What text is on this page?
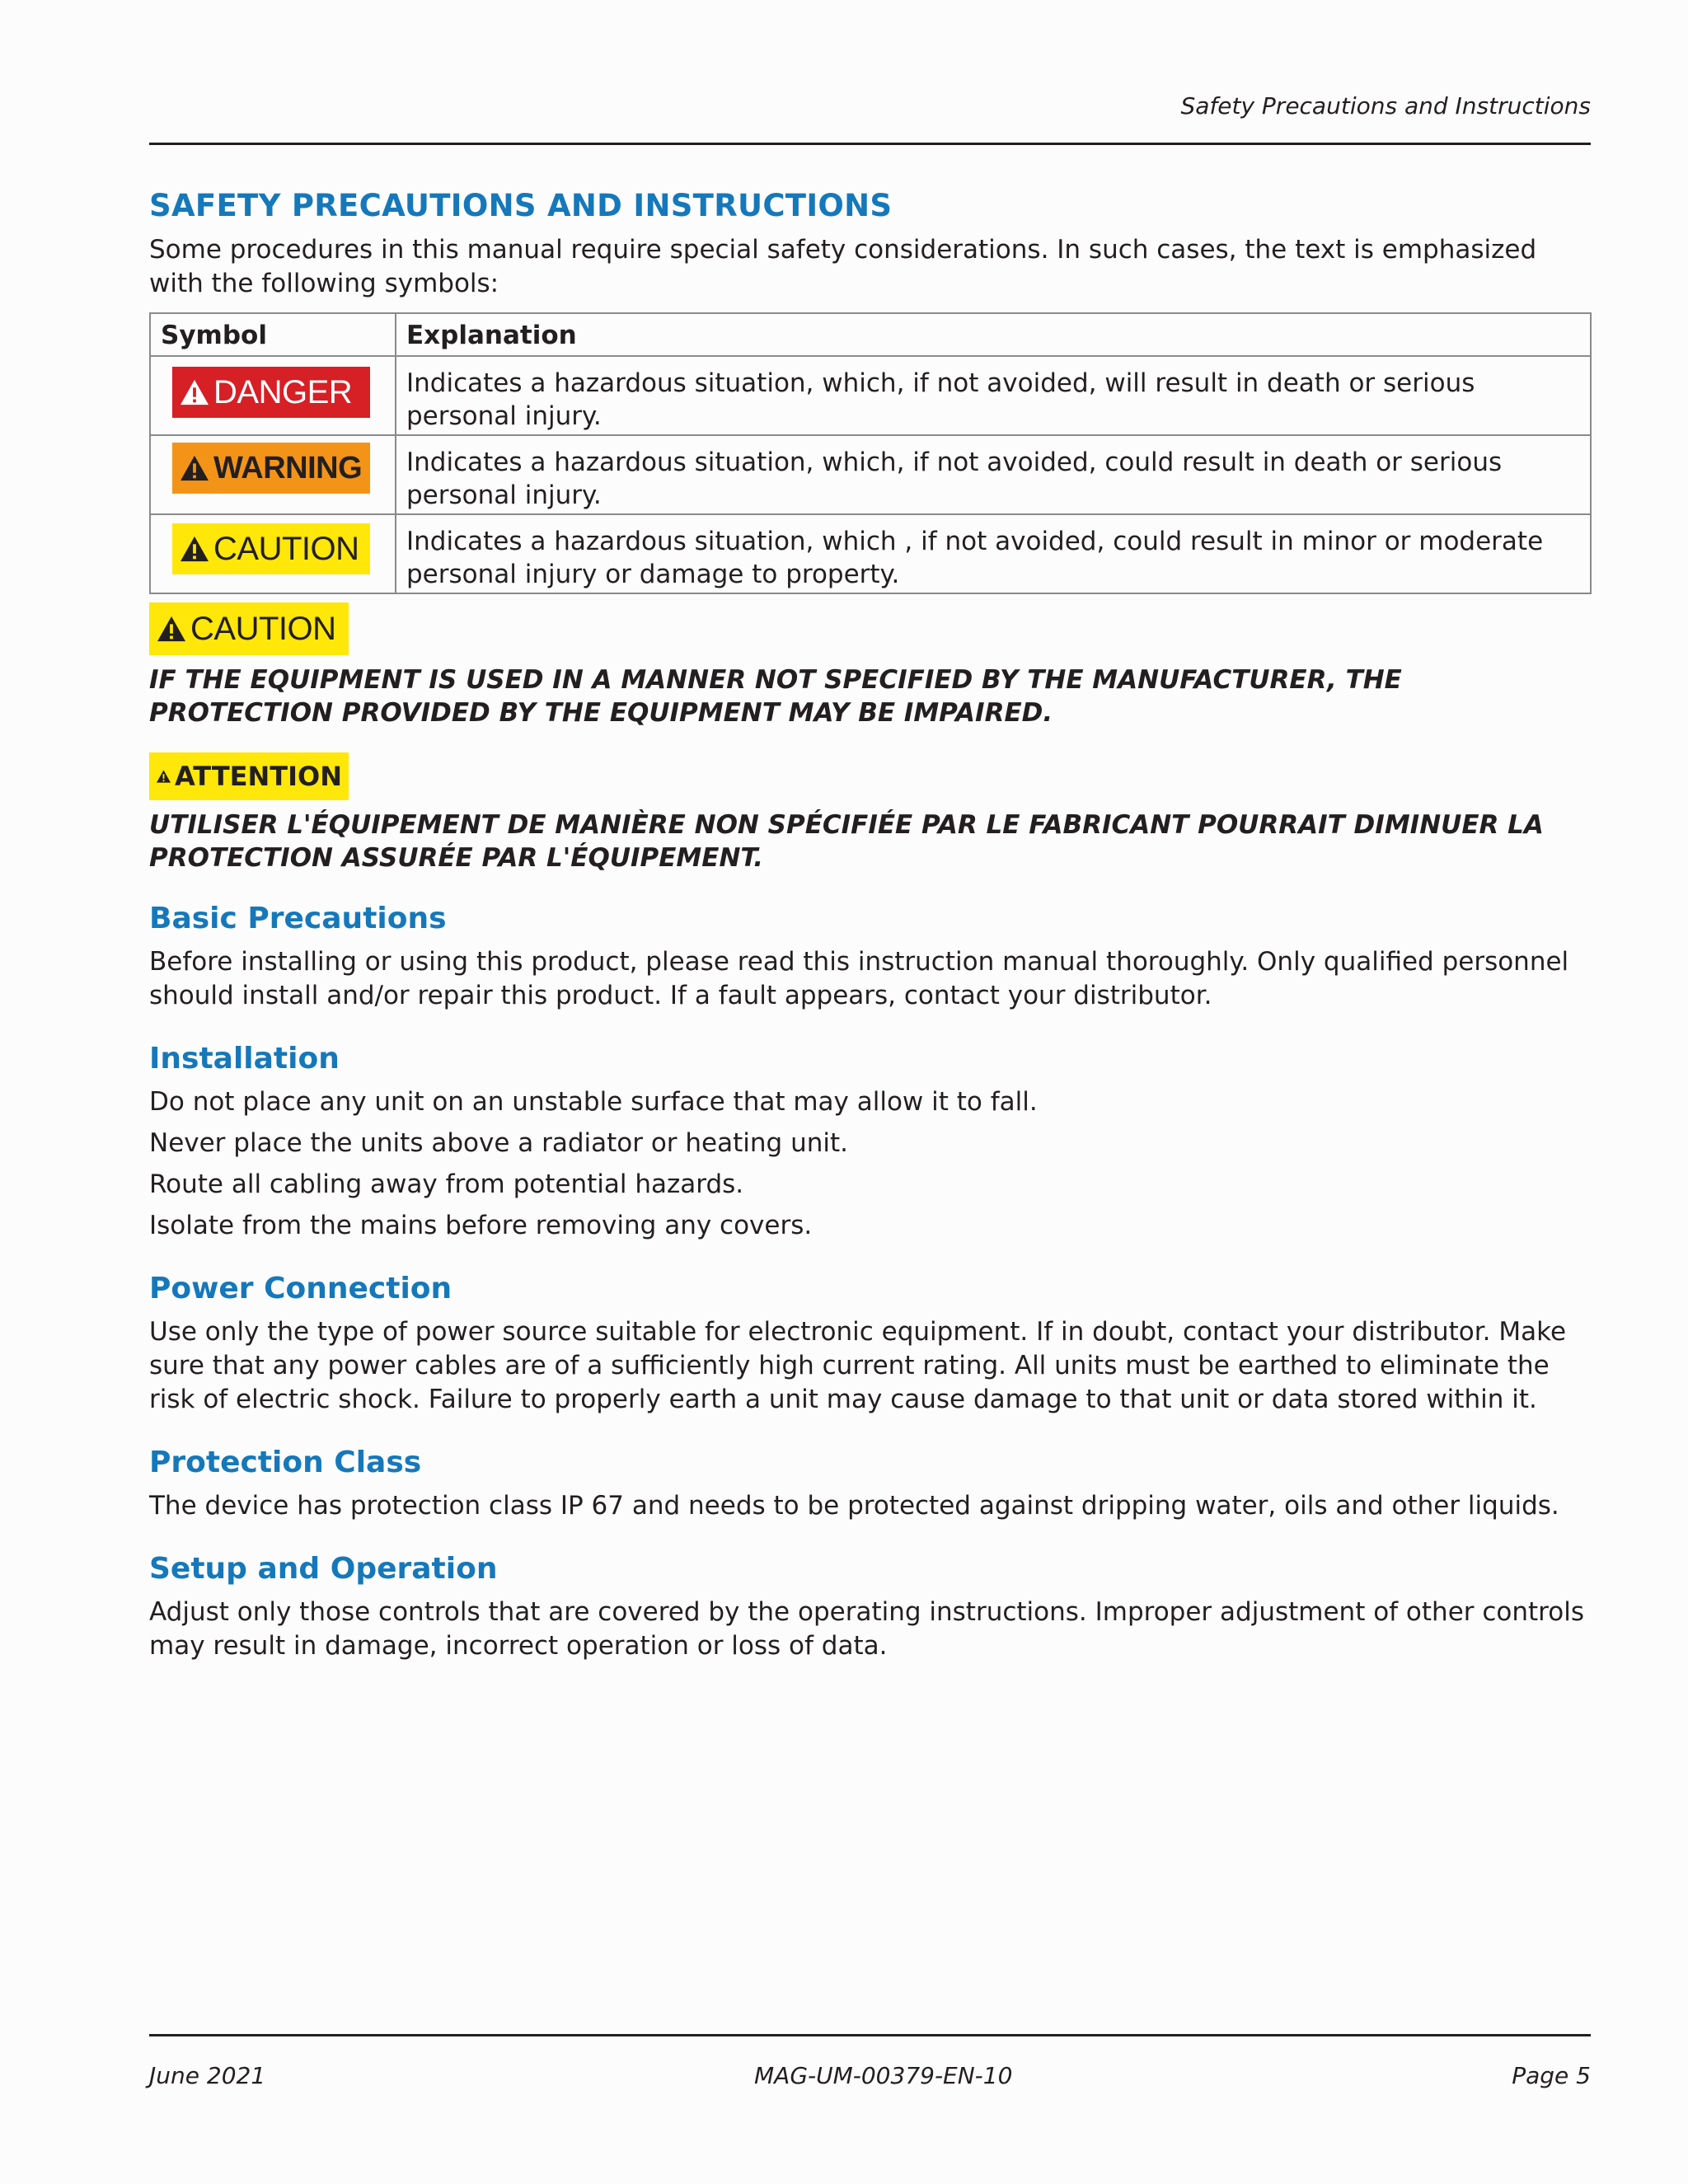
Safety Precautions and Instructions
SAFETY PRECAUTIONS AND INSTRUCTIONS

Some procedures in this manual require special safety considerations. In such cases, the text is emphasized with the following symbols:

Symbol	Explanation

DANGER	Indicates a hazardous situation, which, if not avoided, will result in death or serious personal injury.

WARNING	Indicates a hazardous situation, which, if not avoided, could result in death or serious personal injury.

CAUTION	Indicates a hazardous situation, which , if not avoided, could result in minor or moderate personal injury or damage to property.
CAUTION

IF THE EQUIPMENT IS USED IN A MANNER NOT SPECIFIED BY THE MANUFACTURER, THE PROTECTION PROVIDED BY THE EQUIPMENT MAY BE IMPAIRED.

ATTENTION

UTILISER L'ÉQUIPEMENT DE MANIÈRE NON SPÉCIFIÉE PAR LE FABRICANT POURRAIT DIMINUER LA PROTECTION ASSURÉE PAR L'ÉQUIPEMENT.

Basic Precautions

Before installing or using this product, please read this instruction manual thoroughly. Only qualified personnel should install and/or repair this product. If a fault appears, contact your distributor.

Installation
Do not place any unit on an unstable surface that may allow it to fall.
Never place the units above a radiator or heating unit.
Route all cabling away from potential hazards.
Isolate from the mains before removing any covers.
Power Connection

Use only the type of power source suitable for electronic equipment. If in doubt, contact your distributor. Make sure that any power cables are of a sufficiently high current rating. All units must be earthed to eliminate the risk of electric shock. Failure to properly earth a unit may cause damage to that unit or data stored within it.

Protection Class

The device has protection class IP 67 and needs to be protected against dripping water, oils and other liquids.

Setup and Operation

Adjust only those controls that are covered by the operating instructions. Improper adjustment of other controls may result in damage, incorrect operation or loss of data.

June 2021	MAG-UM-00379-EN-10	Page 5
